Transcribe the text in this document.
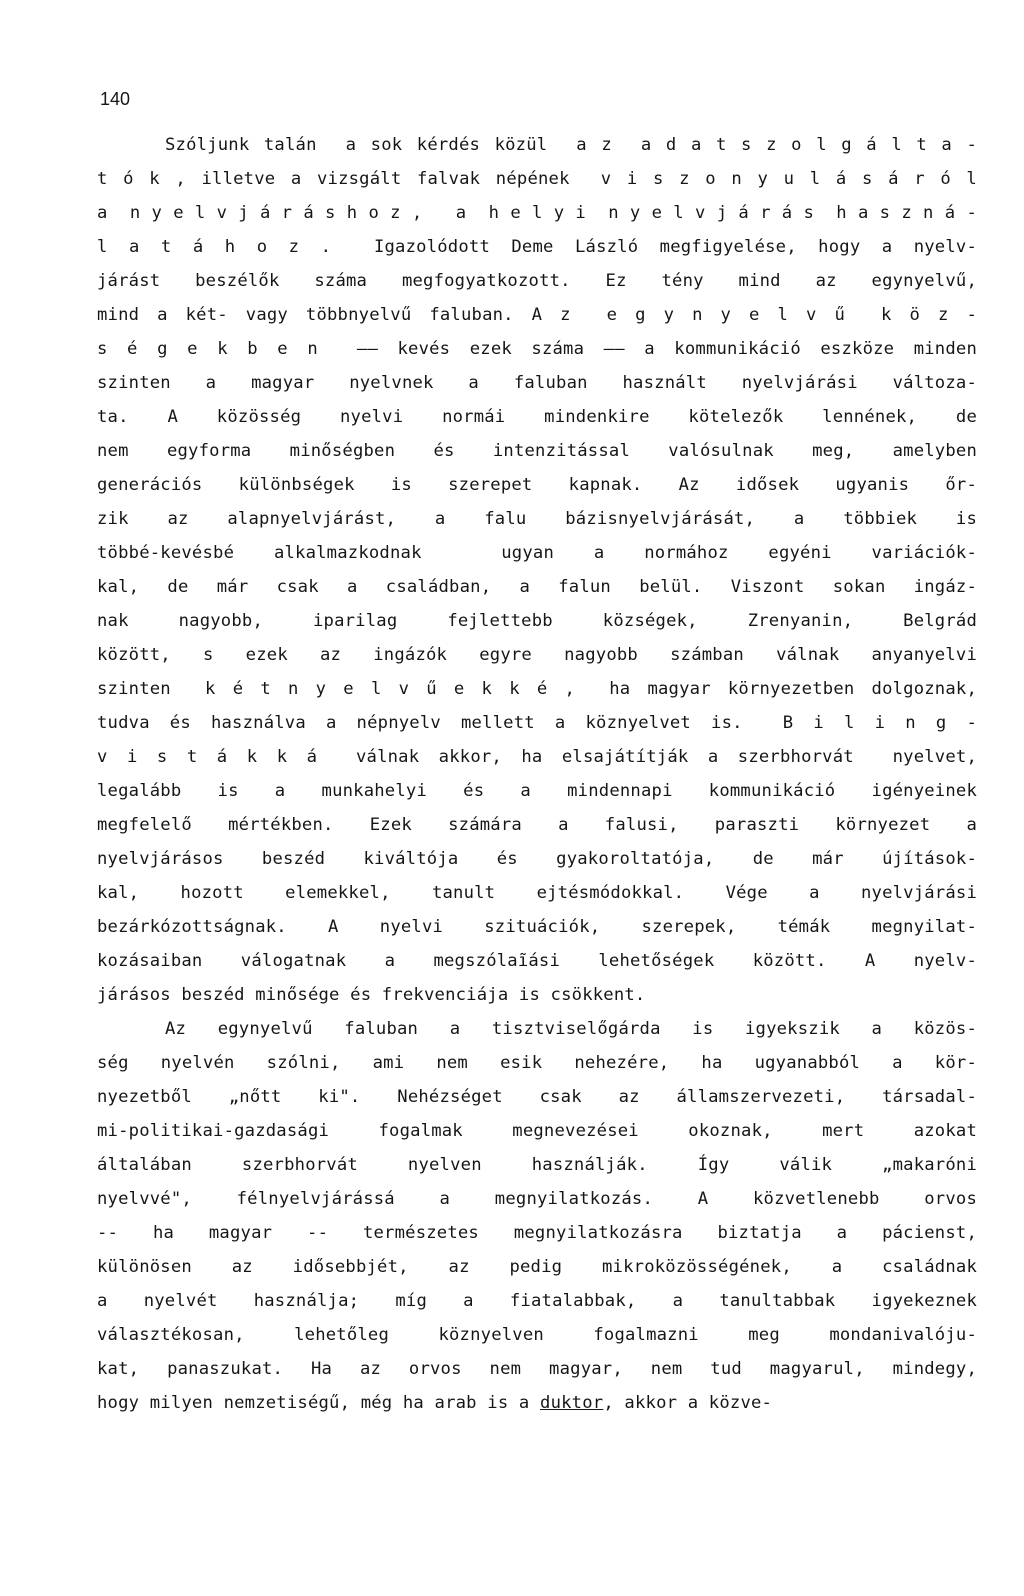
140
Szóljunk talán  a sok kérdés közül  a z  a d a t s z o l g á l t a -
t ó k , illetve a vizsgált falvak népének  v i s z o n y u l á s á r ó l
a  n y e l v j á r á s h o z ,   a  h e l y i  n y e l v j á r á s  h a s z n á -
l a t á h o z .  Igazolódott Deme László megfigyelése, hogy a nyelv-
járást beszélők száma megfogyatkozott. Ez tény mind az egynyelvű,
mind a két- vagy többnyelvű faluban. A z  e g y n y e l v ű  k ö z -
s é g e k b e n  —— kevés ezek száma —— a kommunikáció eszköze minden
szinten a magyar nyelvnek a faluban használt nyelvjárási változa-
ta. A közösség nyelvi normái mindenkire kötelezők lennének, de
nem egyforma minőségben és intenzitással valósulnak meg, amelyben
generációs különbségek is szerepet kapnak. Az idősek ugyanis őr-
zik az alapnyelvjárást, a falu bázisnyelvjárását, a többiek is
többé-kevésbé alkalmazkodnak  ugyan a normához egyéni variációk-
kal, de már csak a családban, a falun belül. Viszont sokan ingáz-
nak nagyobb, iparilag fejlettebb községek, Zrenyanin, Belgrád
között, s ezek az ingázók egyre nagyobb számban válnak anyanyelvi
szinten  k é t n y e l v ű e k k é ,  ha magyar környezetben dolgoznak,
tudva és használva a népnyelv mellett a köznyelvet is.  B i l i n g -
v i s t á k k á  válnak akkor, ha elsajátítják a szerbhorvát  nyelvet,
legalább is a munkahelyi és a mindennapi kommunikáció igényeinek
megfelelő mértékben. Ezek számára a falusi, paraszti környezet a
nyelvjárásos beszéd kiváltója és gyakoroltatója, de már újítások-
kal, hozott elemekkel, tanult ejtésmódokkal. Vége a nyelvjárási
bezárkózottságnak. A nyelvi szituációk, szerepek, témák megnyilat-
kozásaiban válogatnak a megszólaĩási lehetőségek között. A nyelv-
járásos beszéd minősége és frekvenciája is csökkent.
Az egynyelvű faluban a tisztviselőgárda is igyekszik a közös-
ség nyelvén szólni, ami nem esik nehezére, ha ugyanabból a kör-
nyezetből „nőtt ki". Nehézséget csak az államszervezeti, társadal-
mi-politikai-gazdasági fogalmak megnevezései okoznak, mert azokat
általában szerbhorvát nyelven használják. Így válik „makaróni
nyelvvé", félnyelvjárássá a megnyilatkozás. A közvetlenebb orvos
-- ha magyar -- természetes megnyilatkozásra biztatja a pácienst,
különösen az idősebbjét, az pedig mikroközösségének, a családnak
a nyelvét használja; míg a fiatalabbak, a tanultabbak igyekeznek
választékosan, lehetőleg köznyelven fogalmazni meg mondanivalóju-
kat, panaszukat. Ha az orvos nem magyar, nem tud magyarul, mindegy,
hogy milyen nemzetiségű, még ha arab is a duktor, akkor a közve-
